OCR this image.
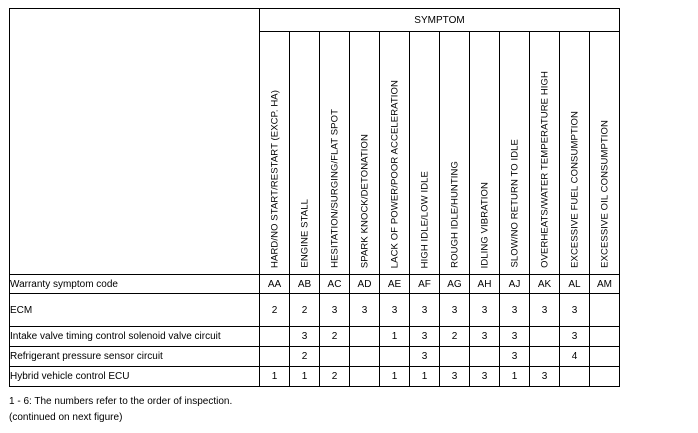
	SYMPTOM											

	HARD/NO START/RESTART (EXCP. HA)	ENGINE STALL	HESITATION/SURGING/FLAT SPOT	SPARK KNOCK/DETONATION	LACK OF POWER/POOR ACCELERATION	HIGH IDLE/LOW IDLE	ROUGH IDLE/HUNTING	IDLING VIBRATION	SLOW/NO RETURN TO IDLE	OVERHEATS/WATER TEMPERATURE HIGH	EXCESSIVE FUEL CONSUMPTION	EXCESSIVE OIL CONSUMPTION

Warranty symptom code	AA	AB	AC	AD	AE	AF	AG	AH	AJ	AK	AL	AM
ECM	2	2	3	3	3	3	3	3	3	3	3	
Intake valve timing control solenoid valve circuit		3	2		1	3	2	3	3		3	
Refrigerant pressure sensor circuit		2				3			3		4	
Hybrid vehicle control ECU	1	1	2		1	1	3	3	1	3		
1 - 6: The numbers refer to the order of inspection.
(continued on next figure)
